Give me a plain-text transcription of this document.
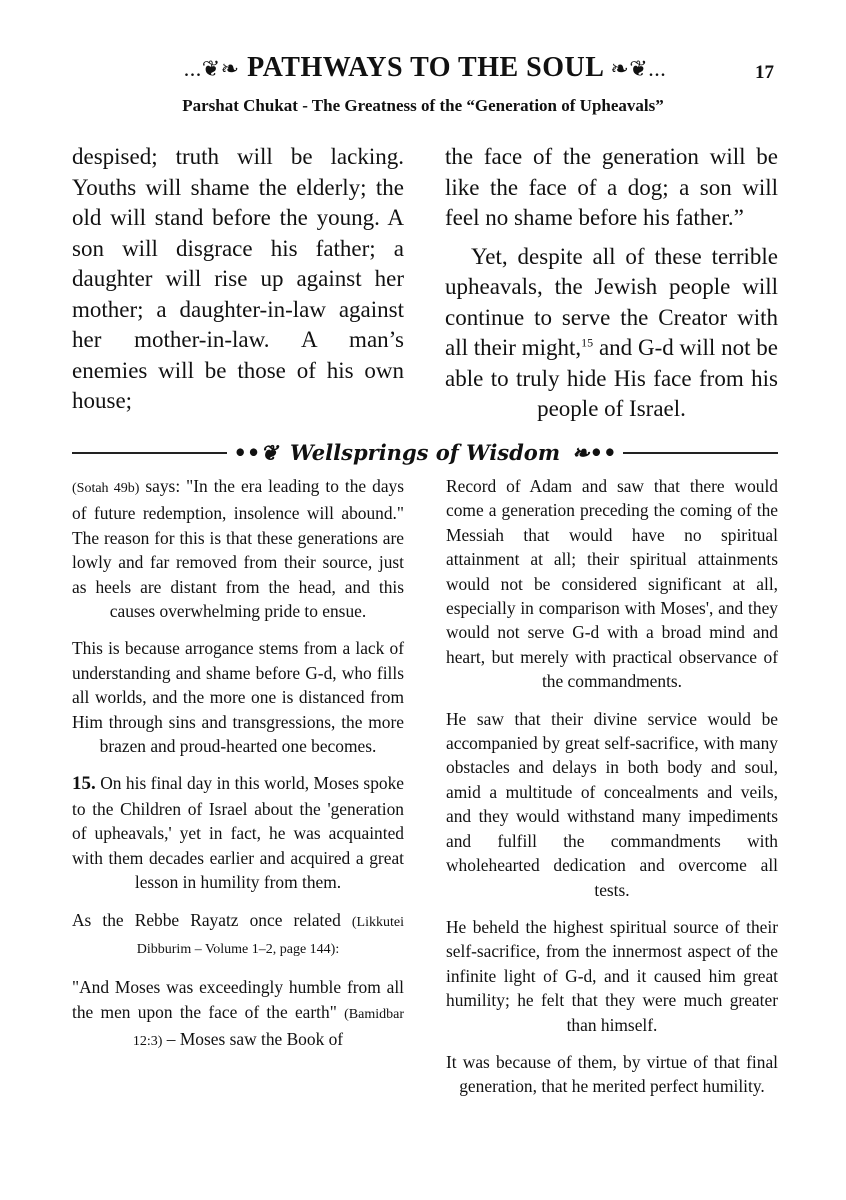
...❦❧ PATHWAYS TO THE SOUL ❧❦...	17
Parshat Chukat - The Greatness of the “Generation of Upheavals”

despised; truth will be lacking. Youths will shame the elderly; the old will stand before the young. A son will disgrace his father; a daughter will rise up against her mother; a daughter-in-law against her mother-in-law. A man’s enemies will be those of his own house;

the face of the generation will be like the face of a dog; a son will feel no shame before his father.”

Yet, despite all of these terrible upheavals, the Jewish people will continue to serve the Creator with all their might,$^{15}$ and G-d will not be able to truly hide His face from his people of Israel.

••❦ Wellsprings of Wisdom ❧••

(Sotah 49b) says: "In the era leading to the days of future redemption, insolence will abound." The reason for this is that these generations are lowly and far removed from their source, just as heels are distant from the head, and this causes overwhelming pride to ensue.

This is because arrogance stems from a lack of understanding and shame before G-d, who fills all worlds, and the more one is distanced from Him through sins and transgressions, the more brazen and proud-hearted one becomes.

15. On his final day in this world, Moses spoke to the Children of Israel about the 'generation of upheavals,' yet in fact, he was acquainted with them decades earlier and acquired a great lesson in humility from them.

As the Rebbe Rayatz once related (Likkutei Dibburim – Volume 1–2, page 144):

"And Moses was exceedingly humble from all the men upon the face of the earth" (Bamidbar 12:3) – Moses saw the Book of

Record of Adam and saw that there would come a generation preceding the coming of the Messiah that would have no spiritual attainment at all; their spiritual attainments would not be considered significant at all, especially in comparison with Moses', and they would not serve G-d with a broad mind and heart, but merely with practical observance of the commandments.

He saw that their divine service would be accompanied by great self-sacrifice, with many obstacles and delays in both body and soul, amid a multitude of concealments and veils, and they would withstand many impediments and fulfill the commandments with wholehearted dedication and overcome all tests.

He beheld the highest spiritual source of their self-sacrifice, from the innermost aspect of the infinite light of G-d, and it caused him great humility; he felt that they were much greater than himself.

It was because of them, by virtue of that final generation, that he merited perfect humility.
